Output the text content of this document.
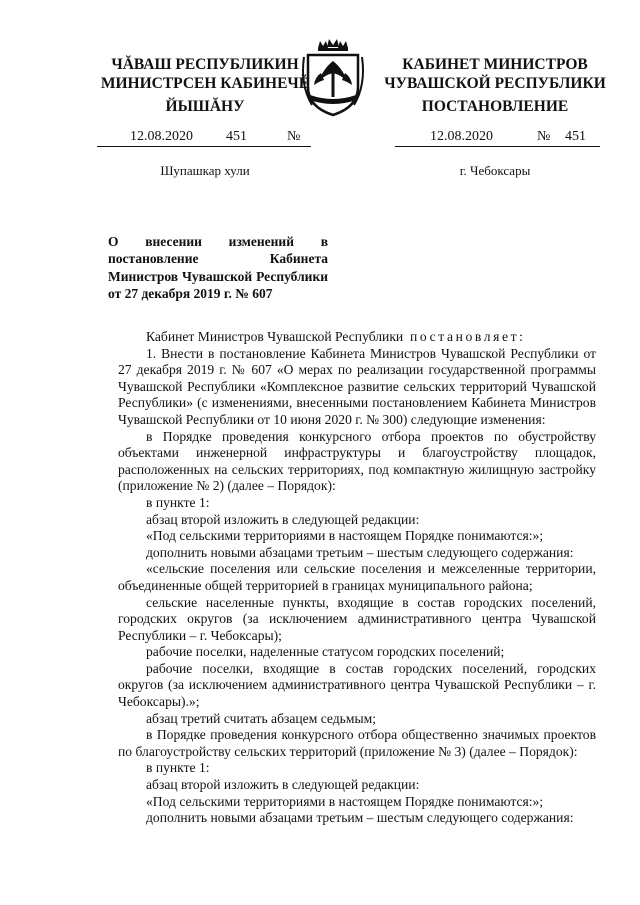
ЧĂВАШ РЕСПУБЛИКИН
МИНИСТРСЕН КАБИНЕЧĔ
ЙЫШĂНУ
12.08.2020 451	№
Шупашкар хули
КАБИНЕТ МИНИСТРОВ
ЧУВАШСКОЙ РЕСПУБЛИКИ
ПОСТАНОВЛЕНИЕ
12.08.2020	№ 451
г. Чебоксары
О внесении изменений в постановление Кабинета Министров Чувашской Республики от 27 декабря 2019 г. № 607

Кабинет Министров Чувашской Республики постановляет:

1. Внести в постановление Кабинета Министров Чувашской Республики от 27 декабря 2019 г. № 607 «О мерах по реализации государственной программы Чувашской Республики «Комплексное развитие сельских территорий Чувашской Республики» (с изменениями, внесенными постановлением Кабинета Министров Чувашской Республики от 10 июня 2020 г. № 300) следующие изменения:

в Порядке проведения конкурсного отбора проектов по обустройству объектами инженерной инфраструктуры и благоустройству площадок, расположенных на сельских территориях, под компактную жилищную застройку (приложение № 2) (далее – Порядок):

в пункте 1:

абзац второй изложить в следующей редакции:

«Под сельскими территориями в настоящем Порядке понимаются:»;

дополнить новыми абзацами третьим – шестым следующего содержания:

«сельские поселения или сельские поселения и межселенные территории, объединенные общей территорией в границах муниципального района;

сельские населенные пункты, входящие в состав городских поселений, городских округов (за исключением административного центра Чувашской Республики – г. Чебоксары);

рабочие поселки, наделенные статусом городских поселений;

рабочие поселки, входящие в состав городских поселений, городских округов (за исключением административного центра Чувашской Республики – г. Чебоксары).»;

абзац третий считать абзацем седьмым;

в Порядке проведения конкурсного отбора общественно значимых проектов по благоустройству сельских территорий (приложение № 3) (далее – Порядок):

в пункте 1:

абзац второй изложить в следующей редакции:

«Под сельскими территориями в настоящем Порядке понимаются:»;

дополнить новыми абзацами третьим – шестым следующего содержания:
